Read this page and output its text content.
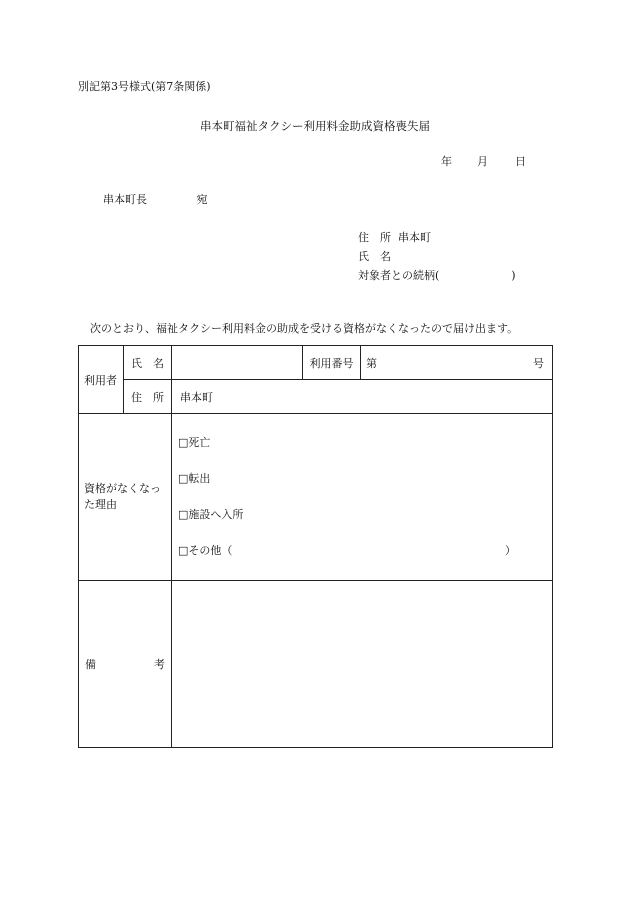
別記第3号様式(第7条関係)
串本町福祉タクシー利用料金助成資格喪失届
年 月 日
串本町長	宛
住　所 串本町
氏　名
対象者との続柄(	)
次のとおり、福祉タクシー利用料金の助成を受ける資格がなくなったので届け出ます。
利用者	氏　名		利用番号	第 号

	住　所	串本町		
資格がなくなった理由		□死亡
□転出
□施設へ入所
□その他（ ）		

備 考				
